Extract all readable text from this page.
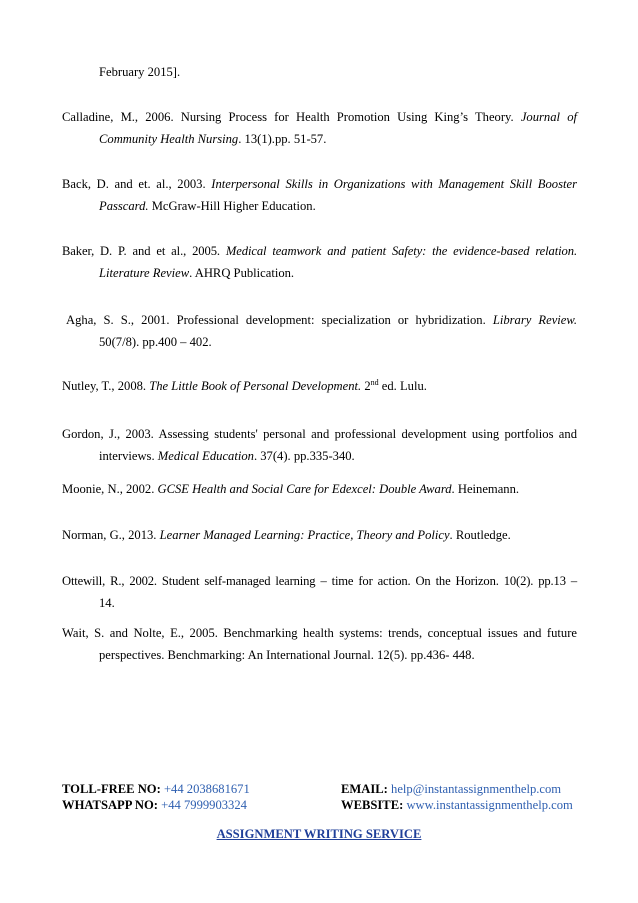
February 2015].
Calladine, M., 2006. Nursing Process for Health Promotion Using King’s Theory. Journal of
Community Health Nursing. 13(1).pp. 51-57.
Back, D. and et. al., 2003. Interpersonal Skills in Organizations with Management Skill Booster
Passcard. McGraw-Hill Higher Education.
Baker, D. P. and et al., 2005. Medical teamwork and patient Safety: the evidence-based relation.
Literature Review. AHRQ Publication.
Agha, S. S., 2001. Professional development: specialization or hybridization. Library Review.
50(7/8). pp.400 – 402.
Nutley, T., 2008. The Little Book of Personal Development. 2nd ed. Lulu.
Gordon, J., 2003. Assessing students' personal and professional development using portfolios and
interviews. Medical Education. 37(4). pp.335-340.
Moonie, N., 2002. GCSE Health and Social Care for Edexcel: Double Award. Heinemann.
Norman, G., 2013. Learner Managed Learning: Practice, Theory and Policy. Routledge.
Ottewill, R., 2002. Student self-managed learning – time for action. On the Horizon. 10(2). pp.13 –
14.
Wait, S. and Nolte, E., 2005. Benchmarking health systems: trends, conceptual issues and future
perspectives. Benchmarking: An International Journal. 12(5). pp.436- 448.
TOLL-FREE NO: +44 2038681671	EMAIL: help@instantassignmenthelp.com
WHATSAPP NO: +44 7999903324	WEBSITE: www.instantassignmenthelp.com
ASSIGNMENT WRITING SERVICE
